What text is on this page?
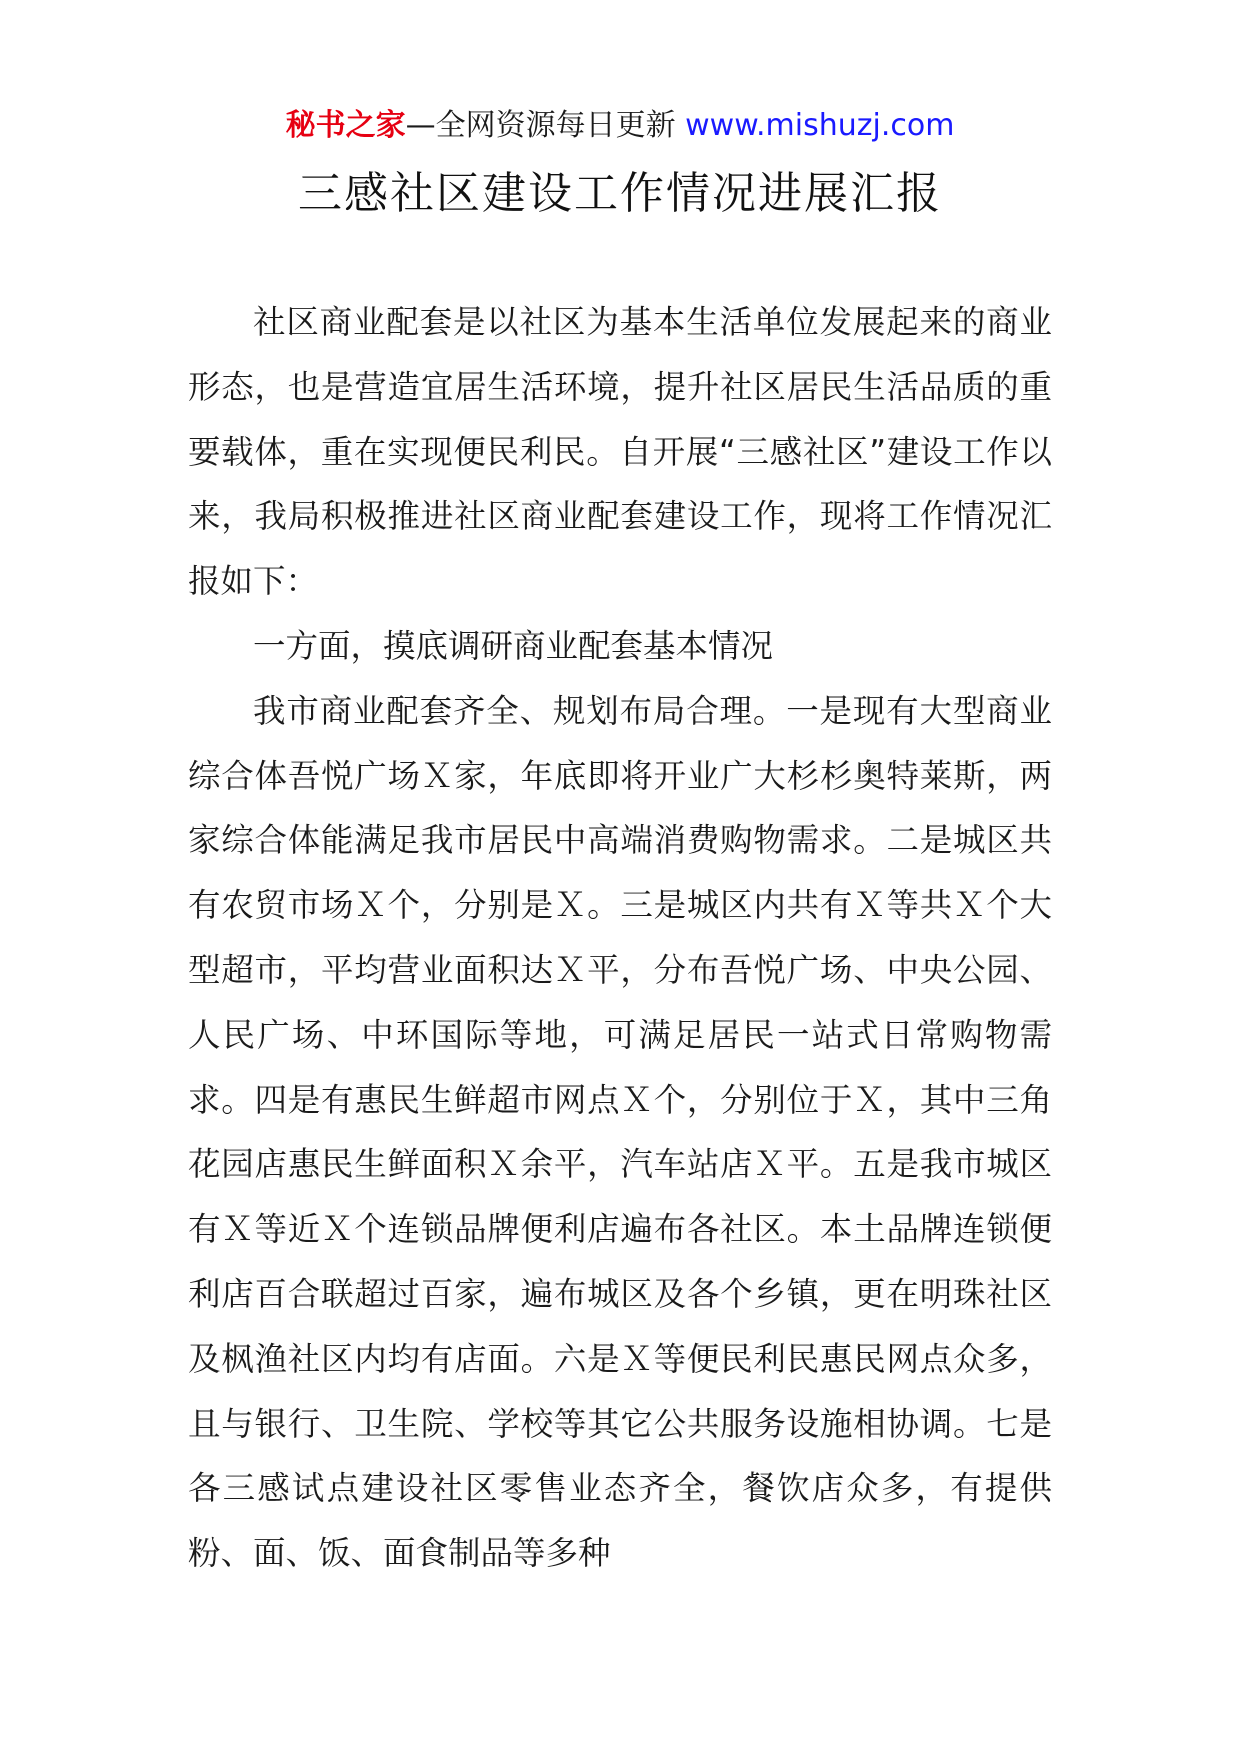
秘书之家—全网资源每日更新 www.mishuzj.com
三感社区建设工作情况进展汇报

社区商业配套是以社区为基本生活单位发展起来的商业形态，也是营造宜居生活环境，提升社区居民生活品质的重要载体，重在实现便民利民。自开展“三感社区”建设工作以来，我局积极推进社区商业配套建设工作，现将工作情况汇报如下：

一方面，摸底调研商业配套基本情况

我市商业配套齐全、规划布局合理。一是现有大型商业综合体吾悦广场Ｘ家，年底即将开业广大杉杉奥特莱斯，两家综合体能满足我市居民中高端消费购物需求。二是城区共有农贸市场Ｘ个，分别是Ｘ。三是城区内共有Ｘ等共Ｘ个大型超市，平均营业面积达Ｘ平，分布吾悦广场、中央公园、人民广场、中环国际等地，可满足居民一站式日常购物需求。四是有惠民生鲜超市网点Ｘ个，分别位于Ｘ，其中三角花园店惠民生鲜面积Ｘ余平，汽车站店Ｘ平。五是我市城区有Ｘ等近Ｘ个连锁品牌便利店遍布各社区。本土品牌连锁便利店百合联超过百家，遍布城区及各个乡镇，更在明珠社区及枫渔社区内均有店面。六是Ｘ等便民利民惠民网点众多，且与银行、卫生院、学校等其它公共服务设施相协调。七是各三感试点建设社区零售业态齐全，餐饮店众多，有提供粉、面、饭、面食制品等多种
